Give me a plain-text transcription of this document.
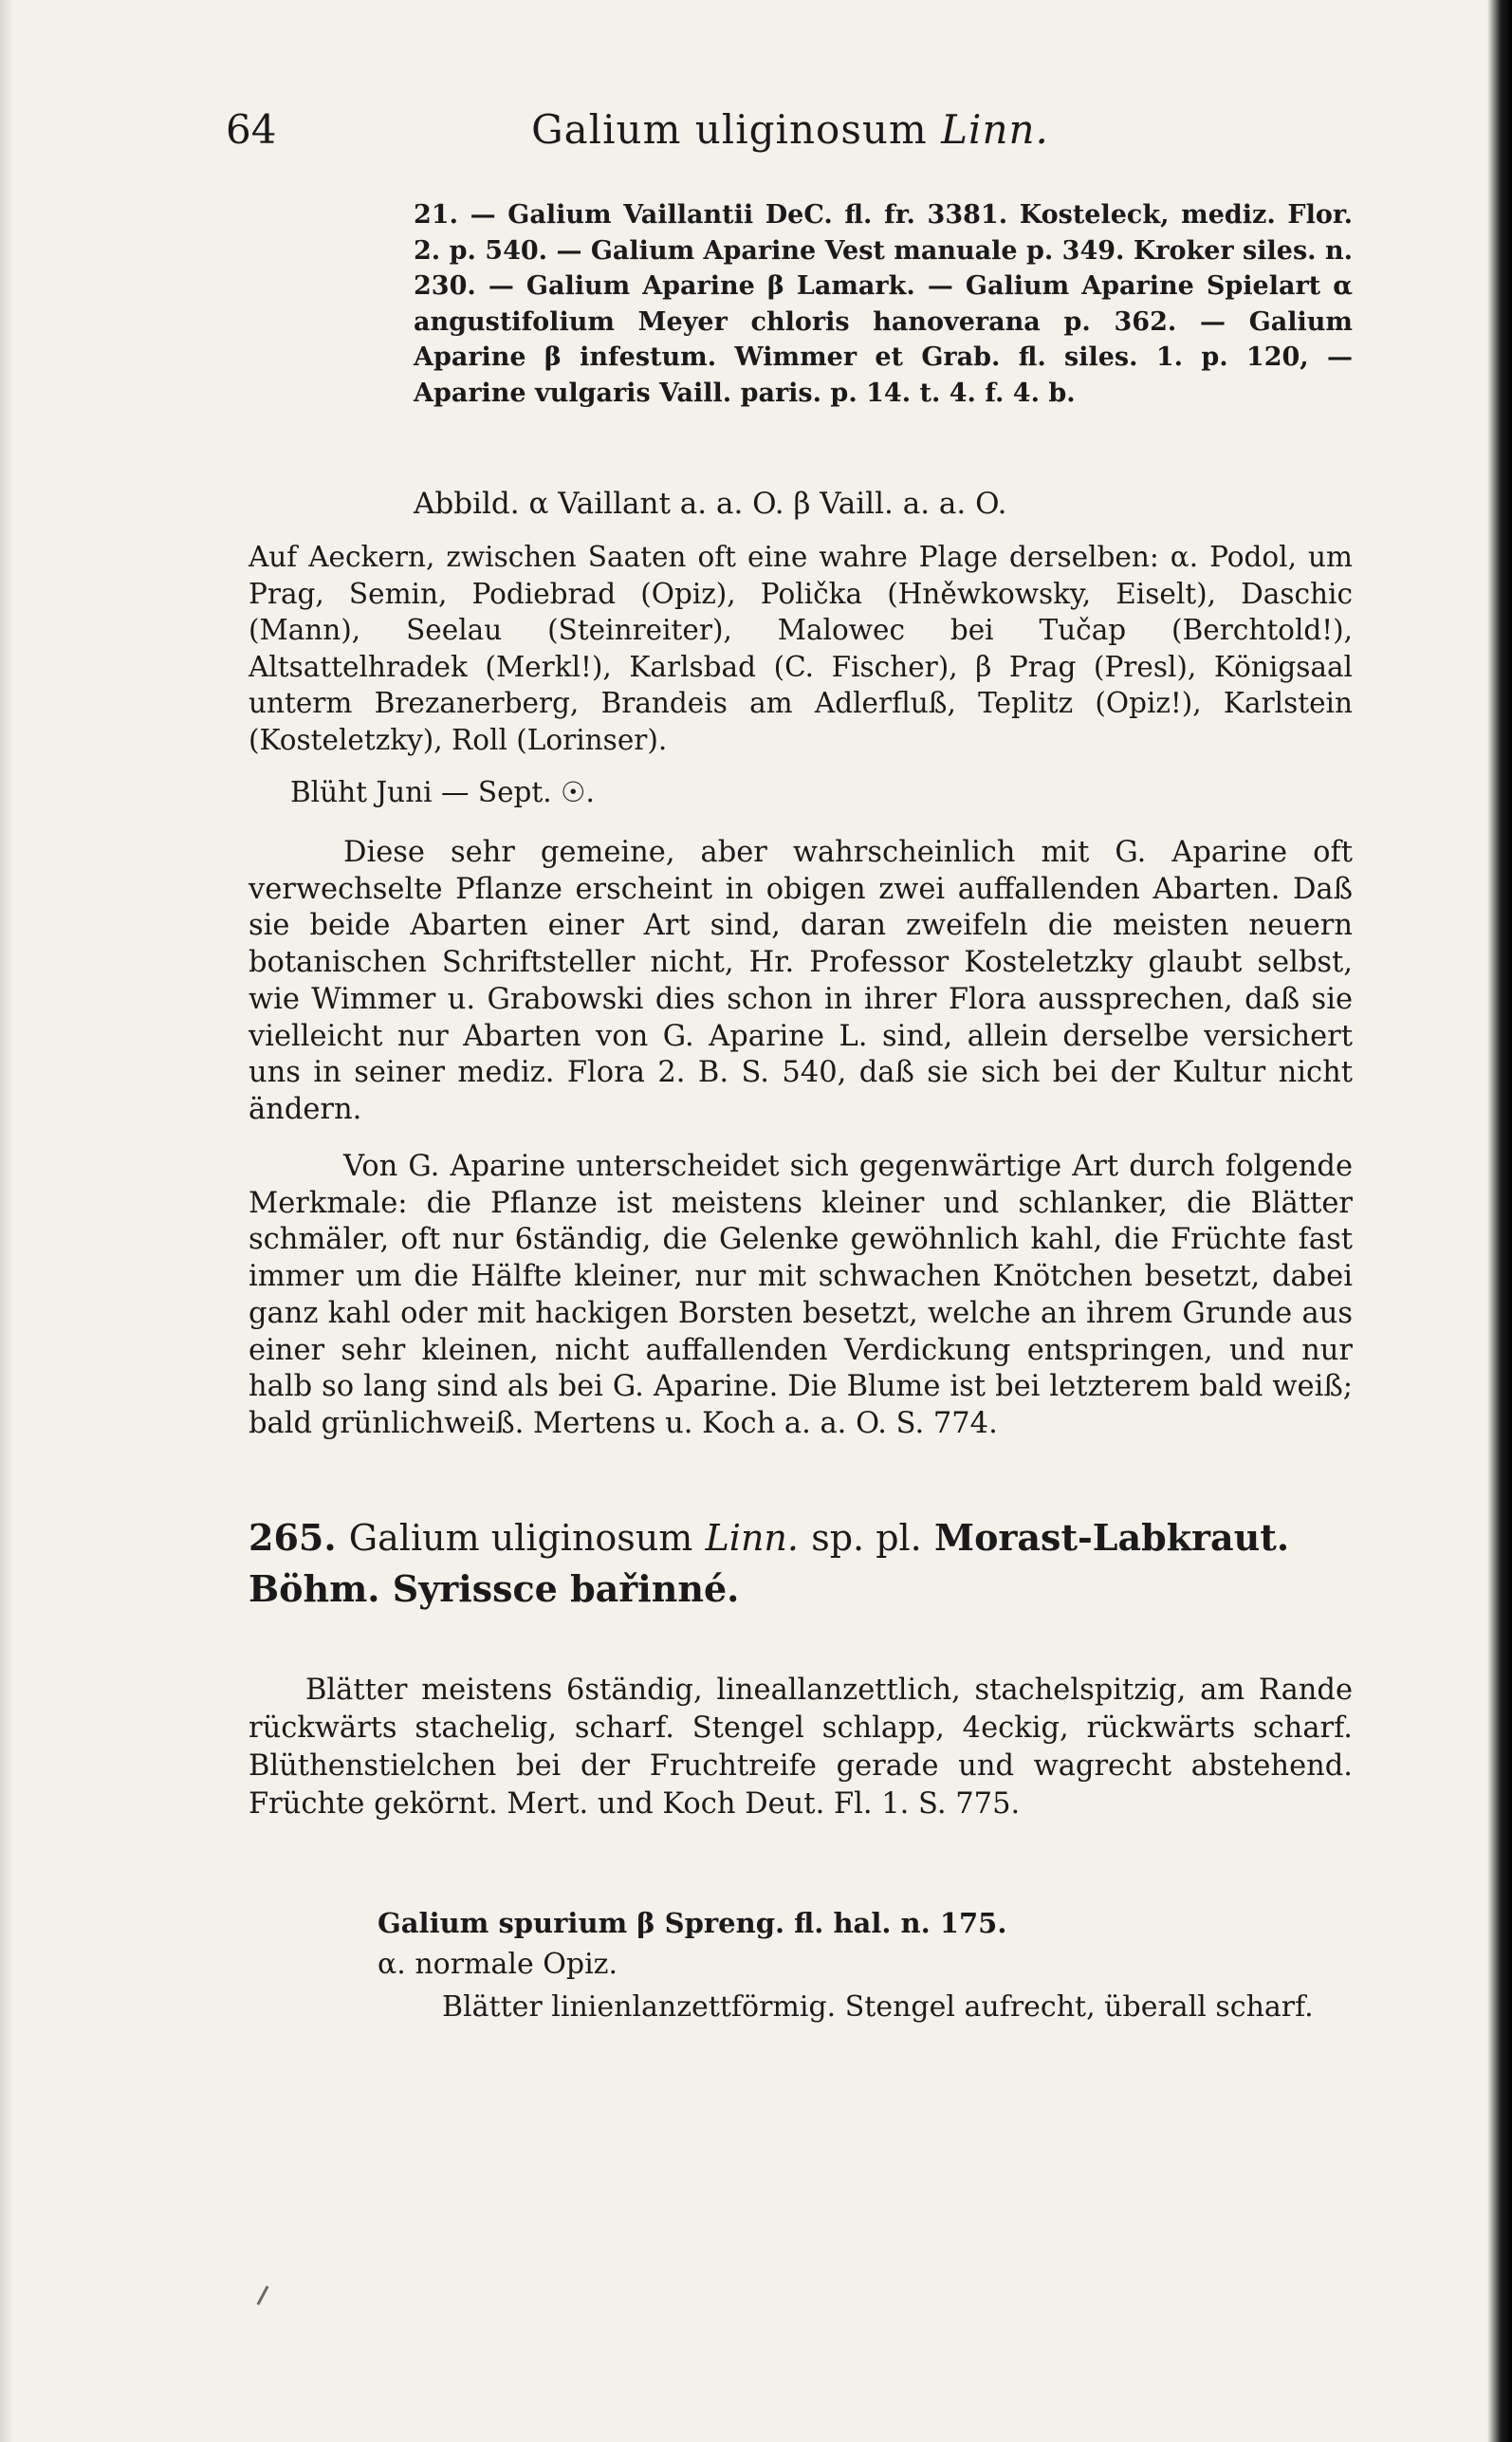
64	Galium uliginosum Linn.
21. — Galium Vaillantii DeC. fl. fr. 3381. Kosteleck, mediz. Flor. 2. p. 540. — Galium Aparine Vest manuale p. 349. Kroker siles. n. 230. — Galium Aparine β Lamark. — Galium Aparine Spielart α angustifolium Meyer chloris hanoverana p. 362. — Galium Aparine β infestum. Wimmer et Grab. fl. siles. 1. p. 120, — Aparine vulgaris Vaill. paris. p. 14. t. 4. f. 4. b.
Abbild. α Vaillant a. a. O. β Vaill. a. a. O.
Auf Aeckern, zwischen Saaten oft eine wahre Plage derselben: α. Podol, um Prag, Semin, Podiebrad (Opiz), Polička (Hněwkowsky, Eiselt), Daschic (Mann), Seelau (Steinreiter), Malowec bei Tučap (Berchtold!), Altsattelhradek (Merkl!), Karlsbad (C. Fischer), β Prag (Presl), Königsaal unterm Brezanerberg, Brandeis am Adlerfluß, Teplitz (Opiz!), Karlstein (Kosteletzky), Roll (Lorinser).
Blüht Juni — Sept. ☉.
Diese sehr gemeine, aber wahrscheinlich mit G. Aparine oft verwechselte Pflanze erscheint in obigen zwei auffallenden Abarten. Daß sie beide Abarten einer Art sind, daran zweifeln die meisten neuern botanischen Schriftsteller nicht, Hr. Professor Kosteletzky glaubt selbst, wie Wimmer u. Grabowski dies schon in ihrer Flora aussprechen, daß sie vielleicht nur Abarten von G. Aparine L. sind, allein derselbe versichert uns in seiner mediz. Flora 2. B. S. 540, daß sie sich bei der Kultur nicht ändern.
Von G. Aparine unterscheidet sich gegenwärtige Art durch folgende Merkmale: die Pflanze ist meistens kleiner und schlanker, die Blätter schmäler, oft nur 6ständig, die Gelenke gewöhnlich kahl, die Früchte fast immer um die Hälfte kleiner, nur mit schwachen Knötchen besetzt, dabei ganz kahl oder mit hackigen Borsten besetzt, welche an ihrem Grunde aus einer sehr kleinen, nicht auffallenden Verdickung entspringen, und nur halb so lang sind als bei G. Aparine. Die Blume ist bei letzterem bald weiß; bald grünlichweiß. Mertens u. Koch a. a. O. S. 774.
265. Galium uliginosum Linn. sp. pl. Morast-Labkraut.
Böhm. Syrissce bařinné.
Blätter meistens 6ständig, lineallanzettlich, stachelspitzig, am Rande rückwärts stachelig, scharf. Stengel schlapp, 4eckig, rückwärts scharf. Blüthenstielchen bei der Fruchtreife gerade und wagrecht abstehend. Früchte gekörnt. Mert. und Koch Deut. Fl. 1. S. 775.
Galium spurium β Spreng. fl. hal. n. 175.
α. normale Opiz.
Blätter linienlanzettförmig. Stengel aufrecht, überall scharf.
